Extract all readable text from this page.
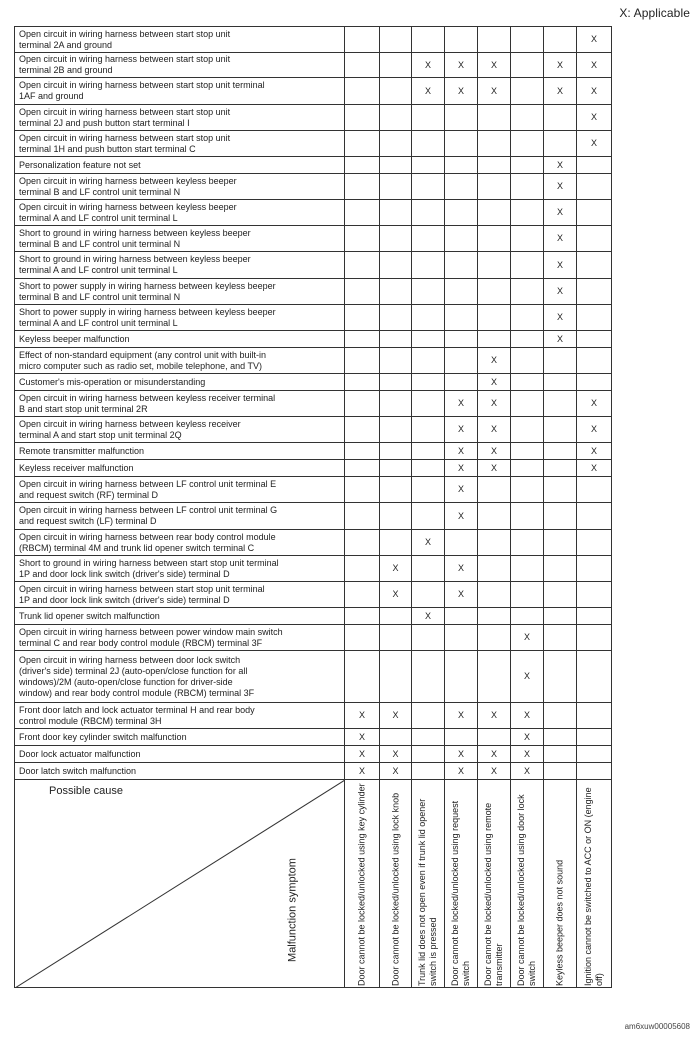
X: Applicable
Open circuit in wiring harness between start stop unit
terminal 2A and ground								X

Open circuit in wiring harness between start stop unit
terminal 2B and ground			X	X	X		X	X

Open circuit in wiring harness between start stop unit terminal
1AF and ground			X	X	X		X	X

Open circuit in wiring harness between start stop unit
terminal 2J and push button start terminal I								X

Open circuit in wiring harness between start stop unit
terminal 1H and push button start terminal C								X

Personalization feature not set							X	

Open circuit in wiring harness between keyless beeper
terminal B and LF control unit terminal N							X	

Open circuit in wiring harness between keyless beeper
terminal A and LF control unit terminal L							X	

Short to ground in wiring harness between keyless beeper
terminal B and LF control unit terminal N							X	

Short to ground in wiring harness between keyless beeper
terminal A and LF control unit terminal L							X	

Short to power supply in wiring harness between keyless beeper
terminal B and LF control unit terminal N							X	

Short to power supply in wiring harness between keyless beeper
terminal A and LF control unit terminal L							X	

Keyless beeper malfunction							X	

Effect of non-standard equipment (any control unit with built-in
micro computer such as radio set, mobile telephone, and TV)					X			

Customer's mis-operation or misunderstanding					X			

Open circuit in wiring harness between keyless receiver terminal
B and start stop unit terminal 2R				X	X			X

Open circuit in wiring harness between keyless receiver
terminal A and start stop unit terminal 2Q				X	X			X

Remote transmitter malfunction				X	X			X

Keyless receiver malfunction				X	X			X

Open circuit in wiring harness between LF control unit terminal E
and request switch (RF) terminal D				X				

Open circuit in wiring harness between LF control unit terminal G
and request switch (LF) terminal D				X				

Open circuit in wiring harness between rear body control module
(RBCM) terminal 4M and trunk lid opener switch terminal C			X					

Short to ground in wiring harness between start stop unit terminal
1P and door lock link switch (driver's side) terminal D		X		X				

Open circuit in wiring harness between start stop unit terminal
1P and door lock link switch (driver's side) terminal D		X		X				

Trunk lid opener switch malfunction			X					

Open circuit in wiring harness between power window main switch
terminal C and rear body control module (RBCM) terminal 3F						X		

Open circuit in wiring harness between door lock switch
(driver's side) terminal 2J (auto-open/close function for all
windows)/2M (auto-open/close function for driver-side
window) and rear body control module (RBCM) terminal 3F						X		

Front door latch and lock actuator terminal H and rear body
control module (RBCM) terminal 3H	X	X		X	X	X		

Front door key cylinder switch malfunction	X					X		

Door lock actuator malfunction	X	X		X	X	X		

Door latch switch malfunction	X	X		X	X	X		

Possible cause
Malfunction symptom	Door cannot be locked/unlocked using key cylinder	Door cannot be locked/unlocked using lock knob	Trunk lid does not open even if trunk lid opener switch is pressed	Door cannot be locked/unlocked using request switch	Door cannot be locked/unlocked using remote transmitter	Door cannot be locked/unlocked using door lock switch	Keyless beeper does not sound	Ignition cannot be switched to ACC or ON (engine off)
am6xuw00005608
